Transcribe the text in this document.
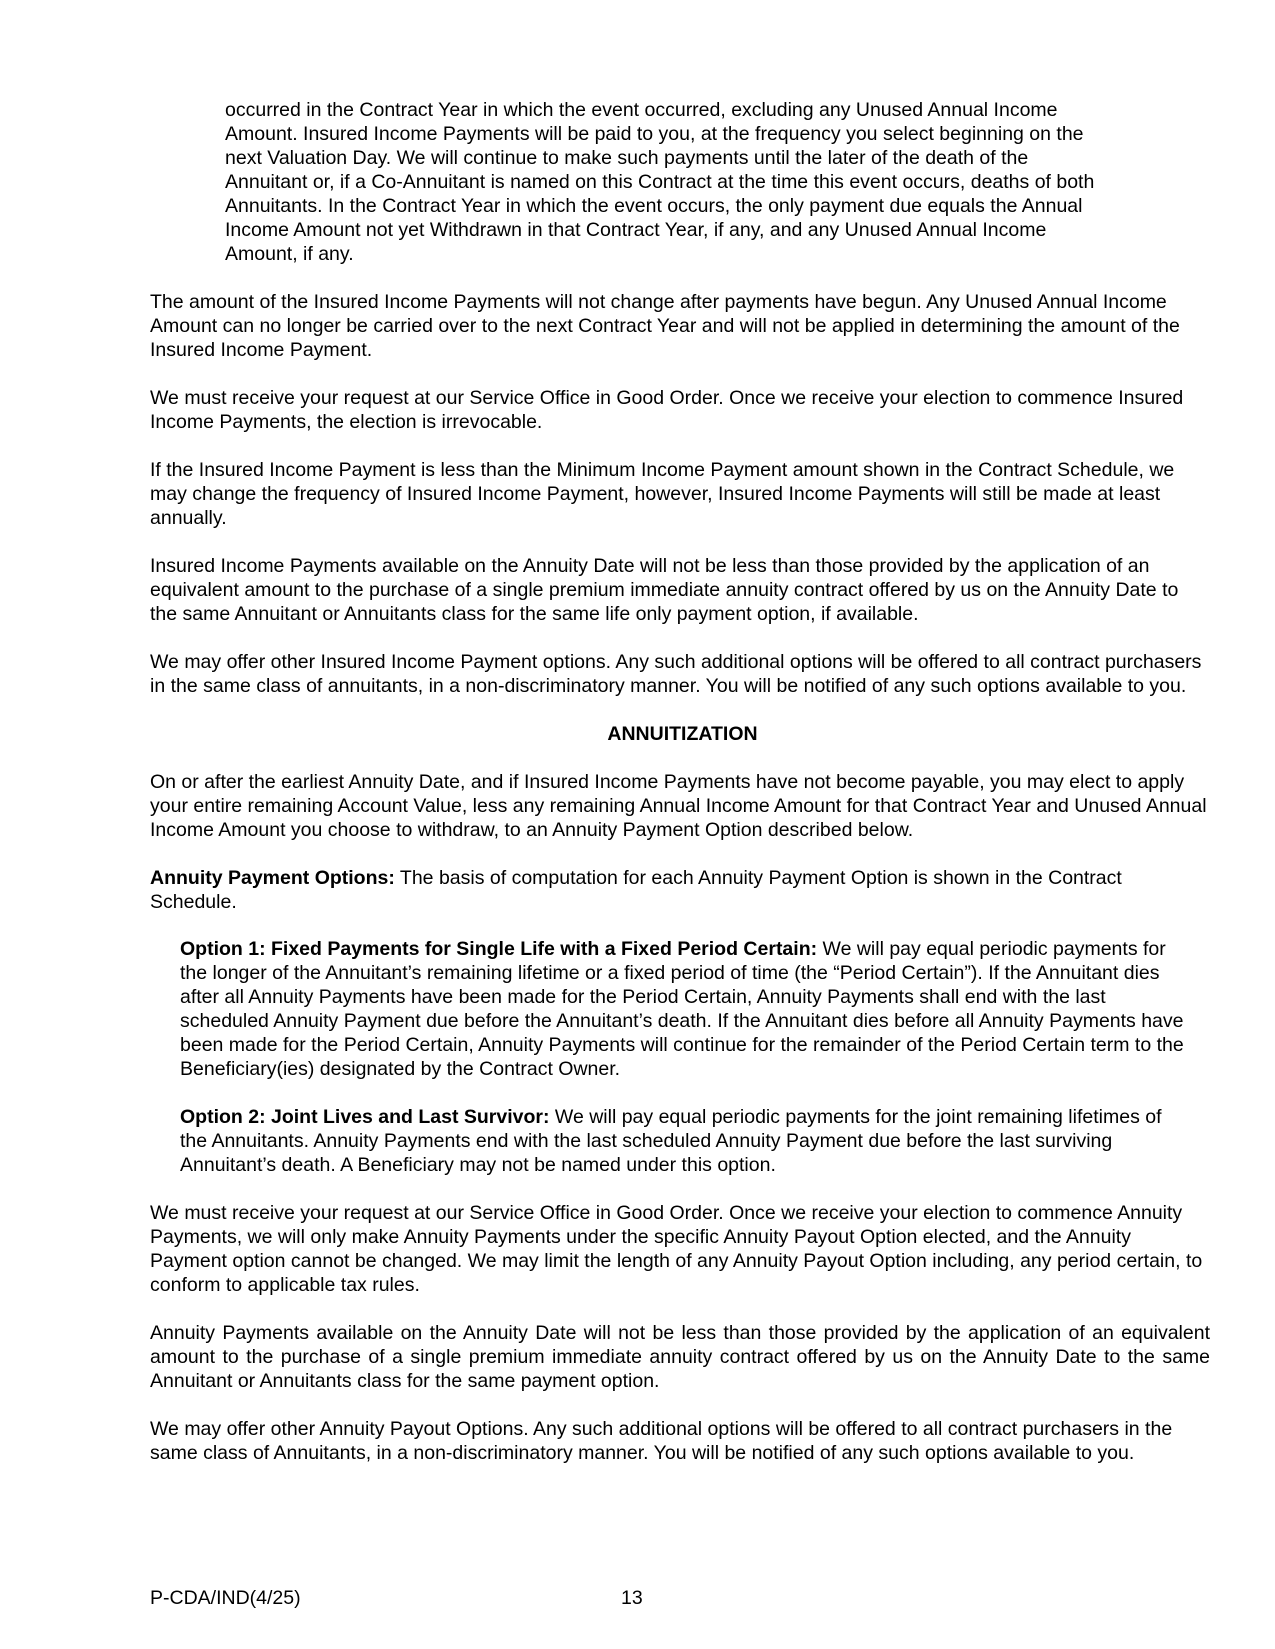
occurred in the Contract Year in which the event occurred, excluding any Unused Annual Income Amount. Insured Income Payments will be paid to you, at the frequency you select beginning on the next Valuation Day. We will continue to make such payments until the later of the death of the Annuitant or, if a Co-Annuitant is named on this Contract at the time this event occurs, deaths of both Annuitants. In the Contract Year in which the event occurs, the only payment due equals the Annual Income Amount not yet Withdrawn in that Contract Year, if any, and any Unused Annual Income Amount, if any.

The amount of the Insured Income Payments will not change after payments have begun. Any Unused Annual Income Amount can no longer be carried over to the next Contract Year and will not be applied in determining the amount of the Insured Income Payment.

We must receive your request at our Service Office in Good Order. Once we receive your election to commence Insured Income Payments, the election is irrevocable.

If the Insured Income Payment is less than the Minimum Income Payment amount shown in the Contract Schedule, we may change the frequency of Insured Income Payment, however, Insured Income Payments will still be made at least annually.

Insured Income Payments available on the Annuity Date will not be less than those provided by the application of an equivalent amount to the purchase of a single premium immediate annuity contract offered by us on the Annuity Date to the same Annuitant or Annuitants class for the same life only payment option, if available.

We may offer other Insured Income Payment options. Any such additional options will be offered to all contract purchasers in the same class of annuitants, in a non-discriminatory manner. You will be notified of any such options available to you.

ANNUITIZATION

On or after the earliest Annuity Date, and if Insured Income Payments have not become payable, you may elect to apply your entire remaining Account Value, less any remaining Annual Income Amount for that Contract Year and Unused Annual Income Amount you choose to withdraw, to an Annuity Payment Option described below.

Annuity Payment Options: The basis of computation for each Annuity Payment Option is shown in the Contract Schedule.

Option 1: Fixed Payments for Single Life with a Fixed Period Certain: We will pay equal periodic payments for the longer of the Annuitant’s remaining lifetime or a fixed period of time (the “Period Certain”). If the Annuitant dies after all Annuity Payments have been made for the Period Certain, Annuity Payments shall end with the last scheduled Annuity Payment due before the Annuitant’s death. If the Annuitant dies before all Annuity Payments have been made for the Period Certain, Annuity Payments will continue for the remainder of the Period Certain term to the Beneficiary(ies) designated by the Contract Owner.

Option 2: Joint Lives and Last Survivor: We will pay equal periodic payments for the joint remaining lifetimes of the Annuitants. Annuity Payments end with the last scheduled Annuity Payment due before the last surviving Annuitant’s death. A Beneficiary may not be named under this option.

We must receive your request at our Service Office in Good Order. Once we receive your election to commence Annuity Payments, we will only make Annuity Payments under the specific Annuity Payout Option elected, and the Annuity Payment option cannot be changed. We may limit the length of any Annuity Payout Option including, any period certain, to conform to applicable tax rules.

Annuity Payments available on the Annuity Date will not be less than those provided by the application of an equivalent amount to the purchase of a single premium immediate annuity contract offered by us on the Annuity Date to the same Annuitant or Annuitants class for the same payment option.

We may offer other Annuity Payout Options. Any such additional options will be offered to all contract purchasers in the same class of Annuitants, in a non-discriminatory manner. You will be notified of any such options available to you.

P-CDA/IND(4/25)	13
